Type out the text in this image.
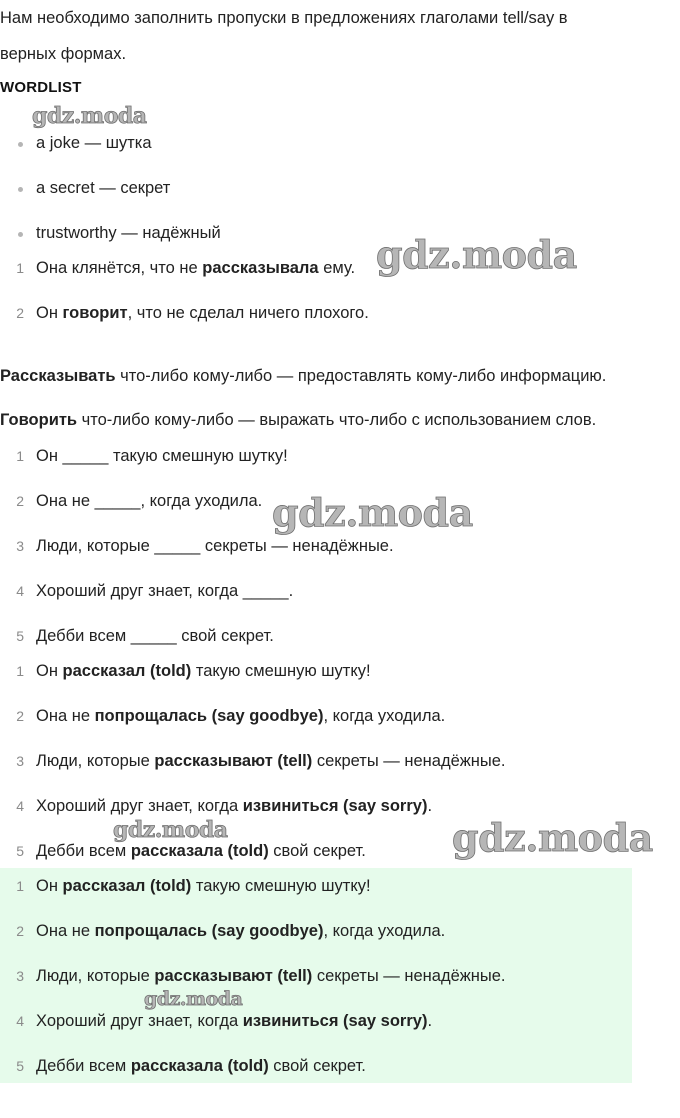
Нам необходимо заполнить пропуски в предложениях глаголами tell/say в

верных формах.

WORDLIST
a joke — шутка
a secret — секрет
trustworthy — надёжный
1 Она клянётся, что не рассказывала ему.
2 Он говорит, что не сделал ничего плохого.

Рассказывать что-либо кому-либо — предоставлять кому-либо информацию.

Говорить что-либо кому-либо — выражать что-либо с использованием слов.

1 Он _____ такую смешную шутку!
2 Она не _____, когда уходила.
3 Люди, которые _____ секреты — ненадёжные.
4 Хороший друг знает, когда _____.
5 Дебби всем _____ свой секрет.
1 Он рассказал (told) такую смешную шутку!
2 Она не попрощалась (say goodbye), когда уходила.
3 Люди, которые рассказывают (tell) секреты — ненадёжные.
4 Хороший друг знает, когда извиниться (say sorry).
5 Дебби всем рассказала (told) свой секрет.
1 Он рассказал (told) такую смешную шутку!
2 Она не попрощалась (say goodbye), когда уходила.
3 Люди, которые рассказывают (tell) секреты — ненадёжные.
4 Хороший друг знает, когда извиниться (say sorry).
5 Дебби всем рассказала (told) свой секрет.
gdz.moda
gdz.moda
gdz.moda
gdz.moda	gdz.moda
gdz.moda
